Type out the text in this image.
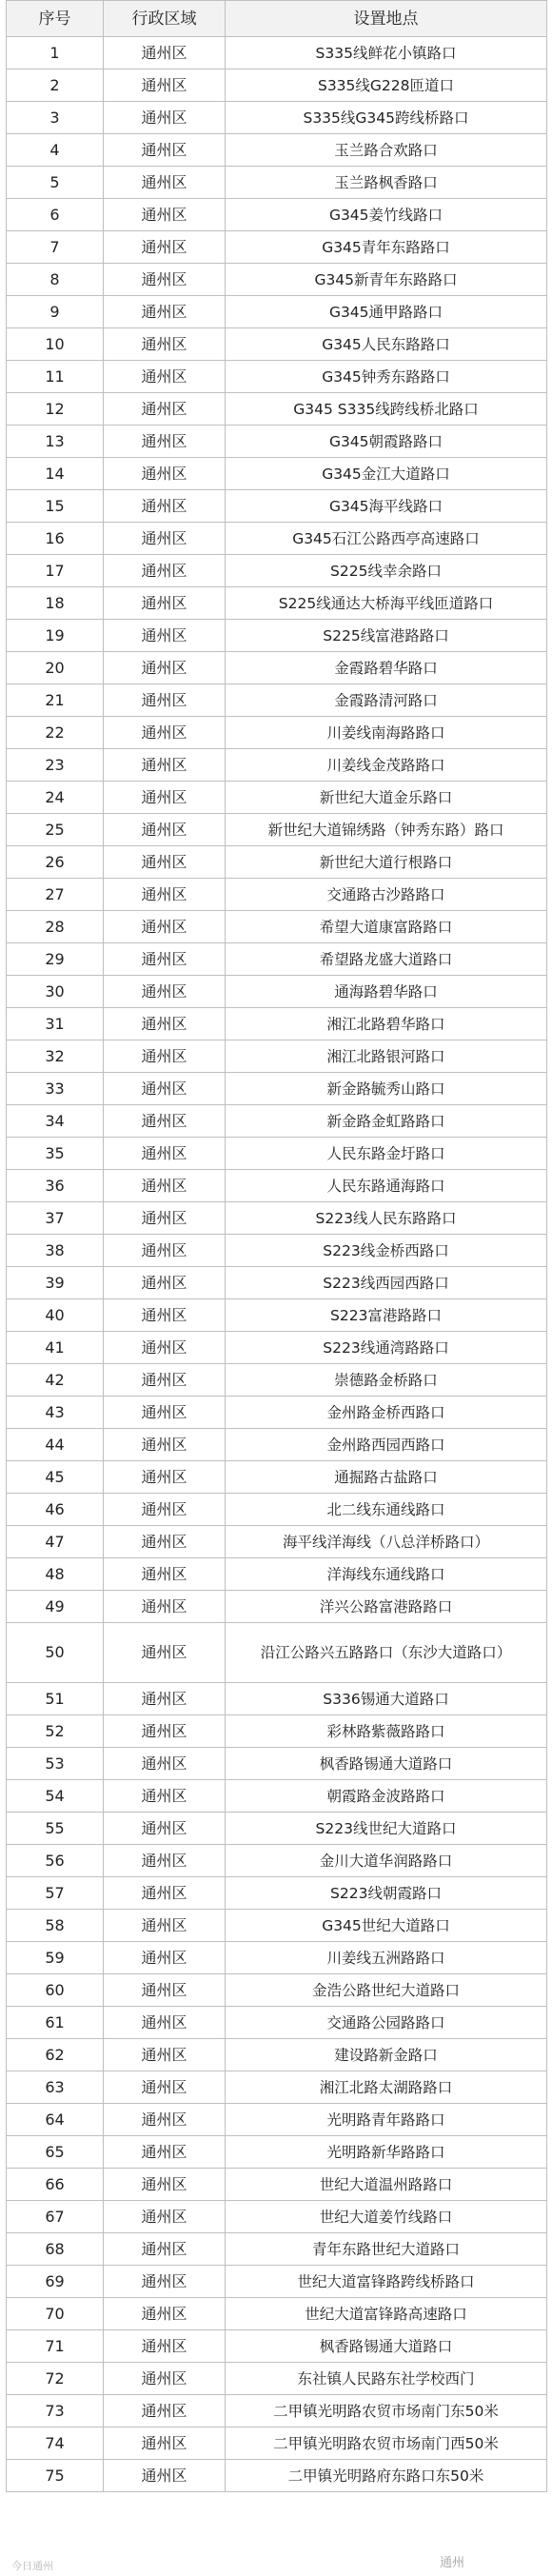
序号	行政区域	设置地点
1	通州区	S335线鲜花小镇路口
2	通州区	S335线G228匝道口
3	通州区	S335线G345跨线桥路口
4	通州区	玉兰路合欢路口
5	通州区	玉兰路枫香路口
6	通州区	G345姜竹线路口
7	通州区	G345青年东路路口
8	通州区	G345新青年东路路口
9	通州区	G345通甲路路口
10	通州区	G345人民东路路口
11	通州区	G345钟秀东路路口
12	通州区	G345 S335线跨线桥北路口
13	通州区	G345朝霞路路口
14	通州区	G345金江大道路口
15	通州区	G345海平线路口
16	通州区	G345石江公路西亭高速路口
17	通州区	S225线幸余路口
18	通州区	S225线通达大桥海平线匝道路口
19	通州区	S225线富港路路口
20	通州区	金霞路碧华路口
21	通州区	金霞路清河路口
22	通州区	川姜线南海路路口
23	通州区	川姜线金茂路路口
24	通州区	新世纪大道金乐路口
25	通州区	新世纪大道锦绣路（钟秀东路）路口
26	通州区	新世纪大道行根路口
27	通州区	交通路古沙路路口
28	通州区	希望大道康富路路口
29	通州区	希望路龙盛大道路口
30	通州区	通海路碧华路口
31	通州区	湘江北路碧华路口
32	通州区	湘江北路银河路口
33	通州区	新金路毓秀山路口
34	通州区	新金路金虹路路口
35	通州区	人民东路金圩路口
36	通州区	人民东路通海路口
37	通州区	S223线人民东路路口
38	通州区	S223线金桥西路口
39	通州区	S223线西园西路口
40	通州区	S223富港路路口
41	通州区	S223线通湾路路口
42	通州区	崇德路金桥路口
43	通州区	金州路金桥西路口
44	通州区	金州路西园西路口
45	通州区	通掘路古盐路口
46	通州区	北二线东通线路口
47	通州区	海平线洋海线（八总洋桥路口）
48	通州区	洋海线东通线路口
49	通州区	洋兴公路富港路路口
50	通州区	沿江公路兴五路路口（东沙大道路口）
51	通州区	S336锡通大道路口
52	通州区	彩林路紫薇路路口
53	通州区	枫香路锡通大道路口
54	通州区	朝霞路金波路路口
55	通州区	S223线世纪大道路口
56	通州区	金川大道华润路路口
57	通州区	S223线朝霞路口
58	通州区	G345世纪大道路口
59	通州区	川姜线五洲路路口
60	通州区	金浩公路世纪大道路口
61	通州区	交通路公园路路口
62	通州区	建设路新金路口
63	通州区	湘江北路太湖路路口
64	通州区	光明路青年路路口
65	通州区	光明路新华路路口
66	通州区	世纪大道温州路路口
67	通州区	世纪大道姜竹线路口
68	通州区	青年东路世纪大道路口
69	通州区	世纪大道富锋路跨线桥路口
70	通州区	世纪大道富锋路高速路口
71	通州区	枫香路锡通大道路口
72	通州区	东社镇人民路东社学校西门
73	通州区	二甲镇光明路农贸市场南门东50米
74	通州区	二甲镇光明路农贸市场南门西50米
75	通州区	二甲镇光明路府东路口东50米
今日通州	通州
